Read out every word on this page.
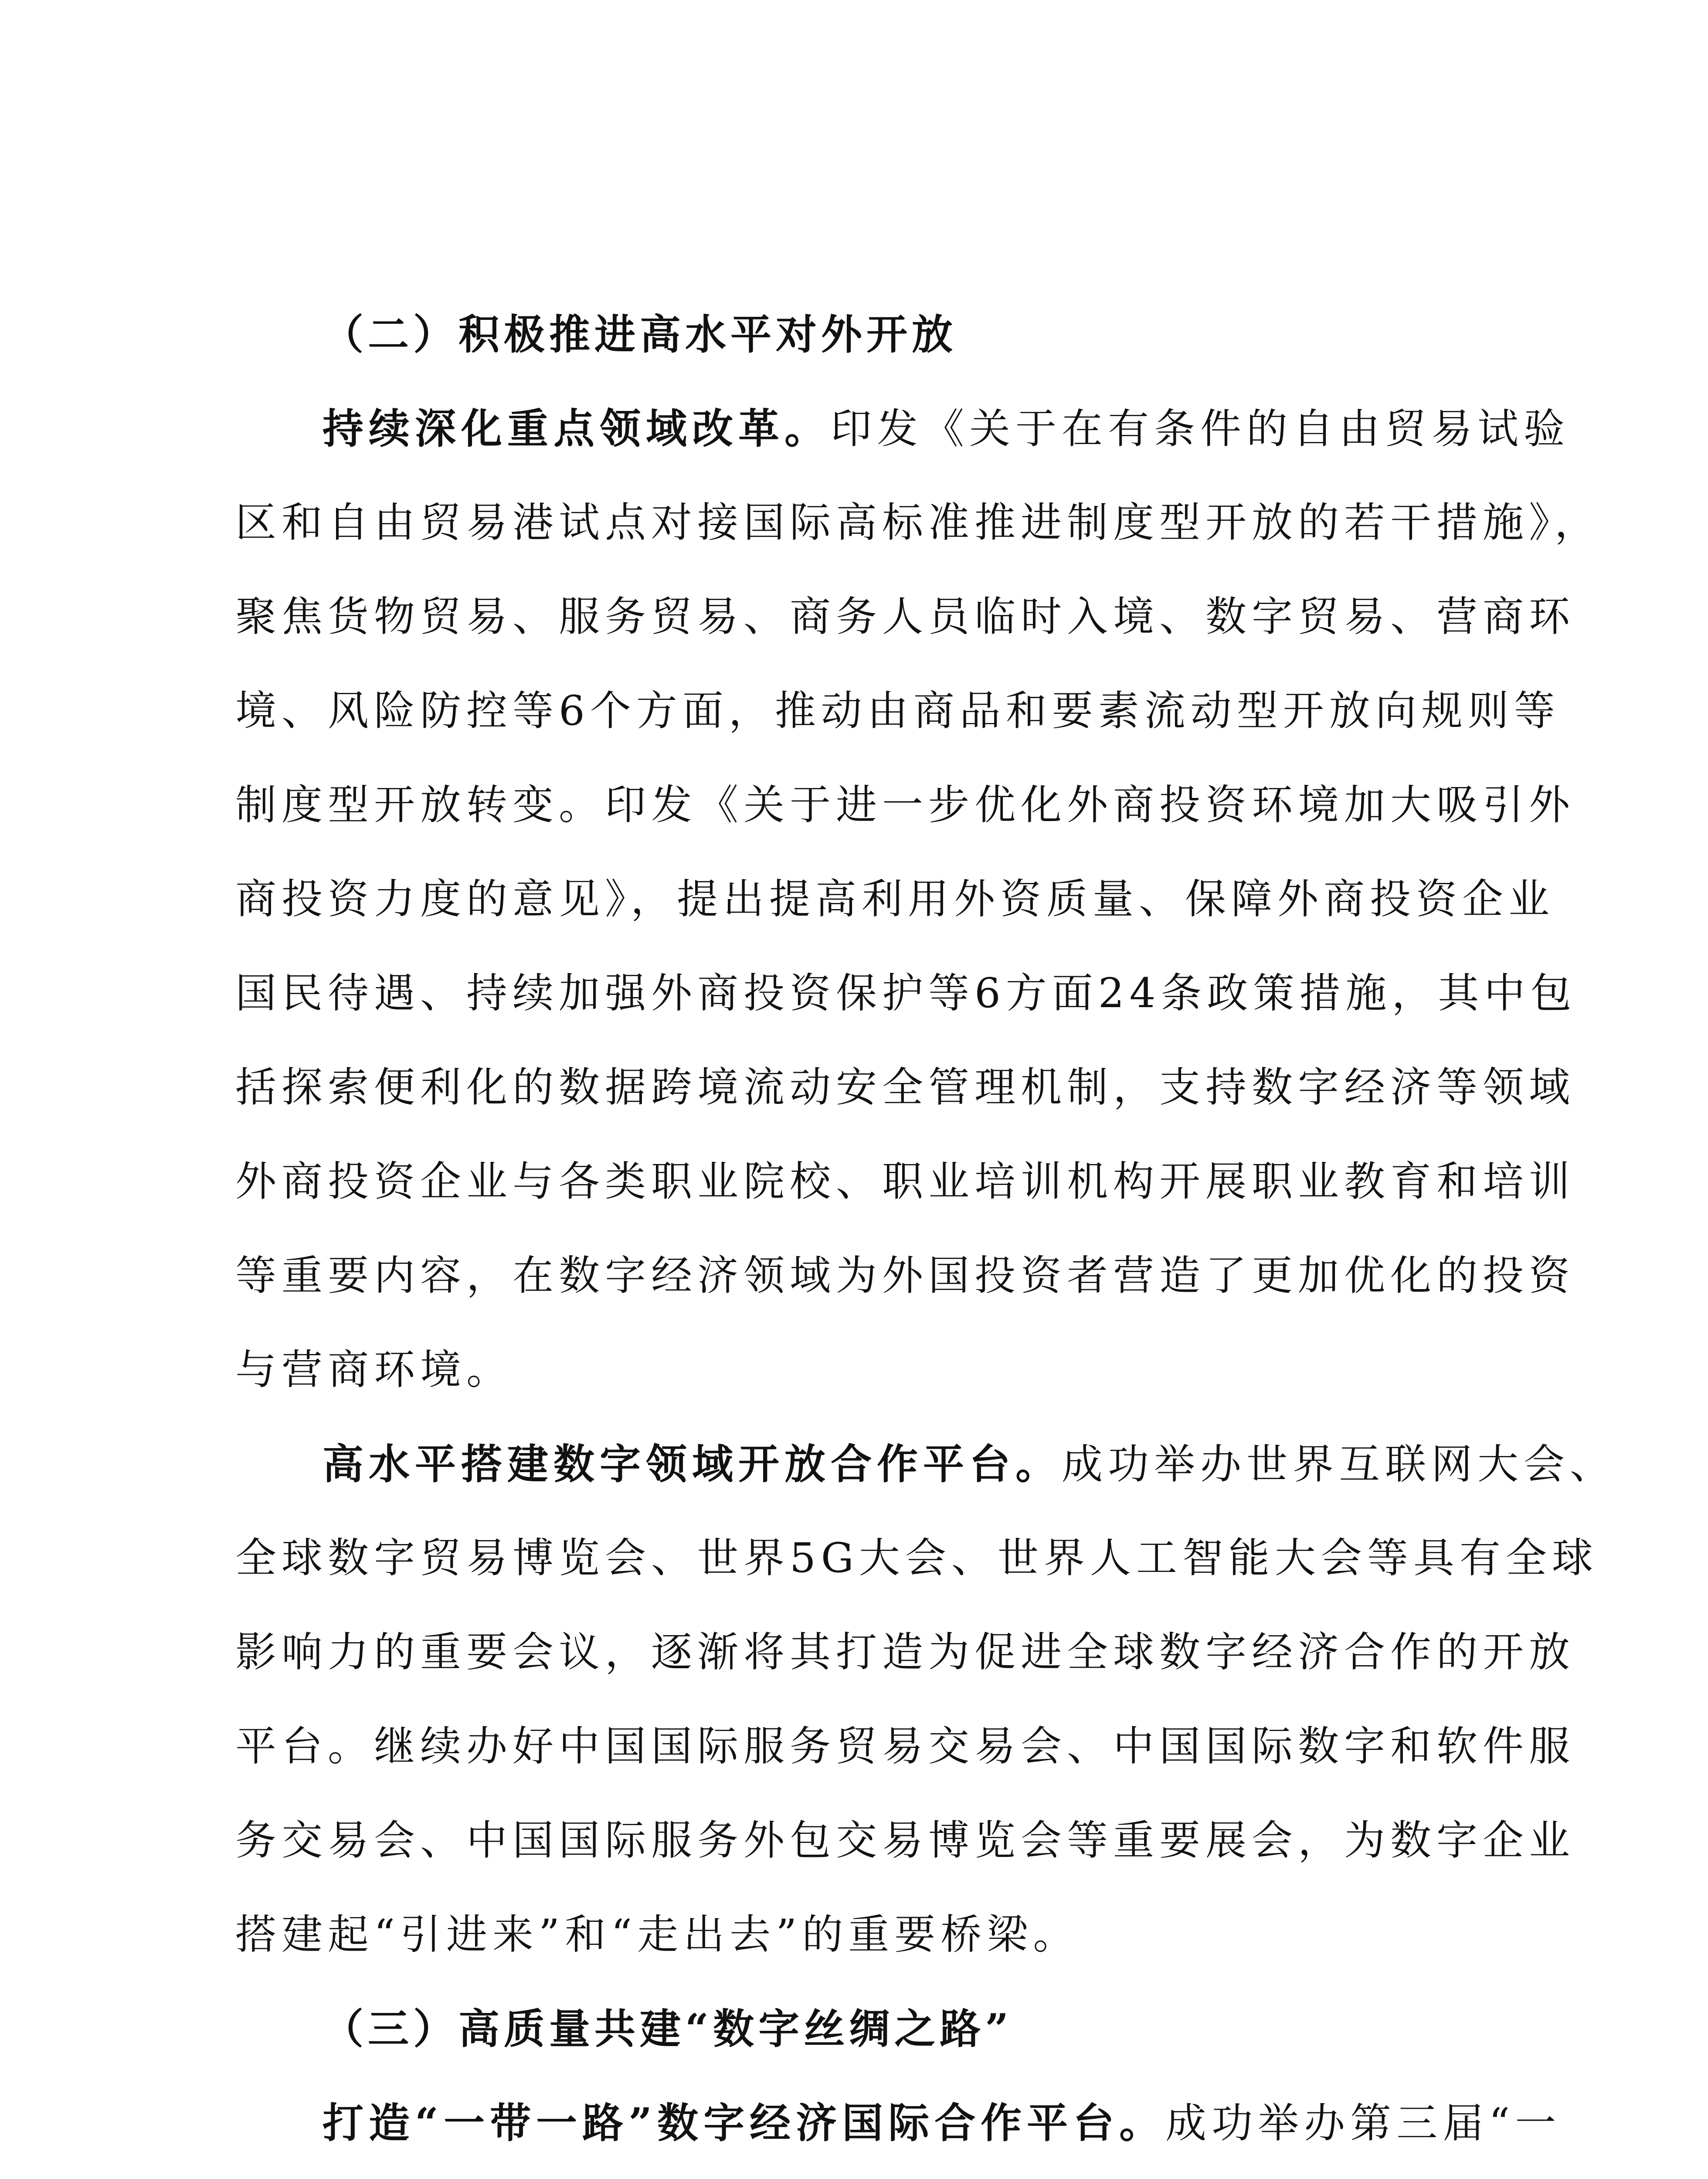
（二）积极推进高水平对外开放
持续深化重点领域改革。印发《关于在有条件的自由贸易试验
区和自由贸易港试点对接国际高标准推进制度型开放的若干措施》，
聚焦货物贸易、服务贸易、商务人员临时入境、数字贸易、营商环
境、风险防控等6个方面，推动由商品和要素流动型开放向规则等
制度型开放转变。印发《关于进一步优化外商投资环境加大吸引外
商投资力度的意见》，提出提高利用外资质量、保障外商投资企业
国民待遇、持续加强外商投资保护等6方面24条政策措施，其中包
括探索便利化的数据跨境流动安全管理机制，支持数字经济等领域
外商投资企业与各类职业院校、职业培训机构开展职业教育和培训
等重要内容，在数字经济领域为外国投资者营造了更加优化的投资
与营商环境。
高水平搭建数字领域开放合作平台。成功举办世界互联网大会、
全球数字贸易博览会、世界5G大会、世界人工智能大会等具有全球
影响力的重要会议，逐渐将其打造为促进全球数字经济合作的开放
平台。继续办好中国国际服务贸易交易会、中国国际数字和软件服
务交易会、中国国际服务外包交易博览会等重要展会，为数字企业
搭建起“引进来”和“走出去”的重要桥梁。
（三）高质量共建“数字丝绸之路”
打造“一带一路”数字经济国际合作平台。成功举办第三届“一
